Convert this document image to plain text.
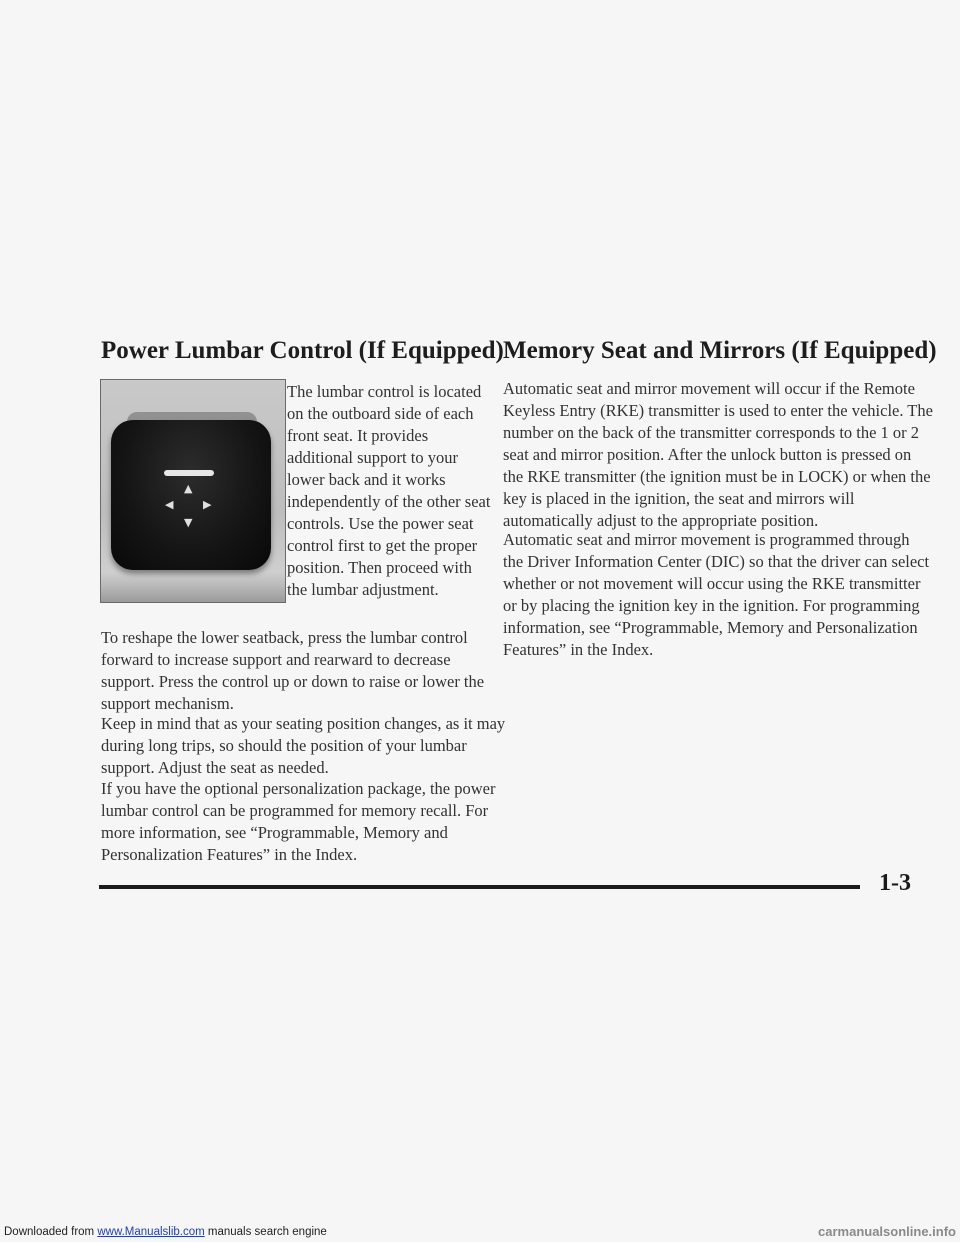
Power Lumbar Control (If Equipped)
▲
◀	▶
▼

The lumbar control is located on the outboard side of each front seat. It provides additional support to your lower back and it works independently of the other seat controls. Use the power seat control first to get the proper position. Then proceed with the lumbar adjustment.

To reshape the lower seatback, press the lumbar control forward to increase support and rearward to decrease support. Press the control up or down to raise or lower the support mechanism.

Keep in mind that as your seating position changes, as it may during long trips, so should the position of your lumbar support. Adjust the seat as needed.

If you have the optional personalization package, the power lumbar control can be programmed for memory recall. For more information, see “Programmable, Memory and Personalization Features” in the Index.

Memory Seat and Mirrors (If Equipped)

Automatic seat and mirror movement will occur if the Remote Keyless Entry (RKE) transmitter is used to enter the vehicle. The number on the back of the transmitter corresponds to the 1 or 2 seat and mirror position. After the unlock button is pressed on the RKE transmitter (the ignition must be in LOCK) or when the key is placed in the ignition, the seat and mirrors will automatically adjust to the appropriate position.

Automatic seat and mirror movement is programmed through the Driver Information Center (DIC) so that the driver can select whether or not movement will occur using the RKE transmitter or by placing the ignition key in the ignition. For programming information, see “Programmable, Memory and Personalization Features” in the Index.

1-3

Downloaded from www.Manualslib.com manuals search engine	carmanualsonline.info
